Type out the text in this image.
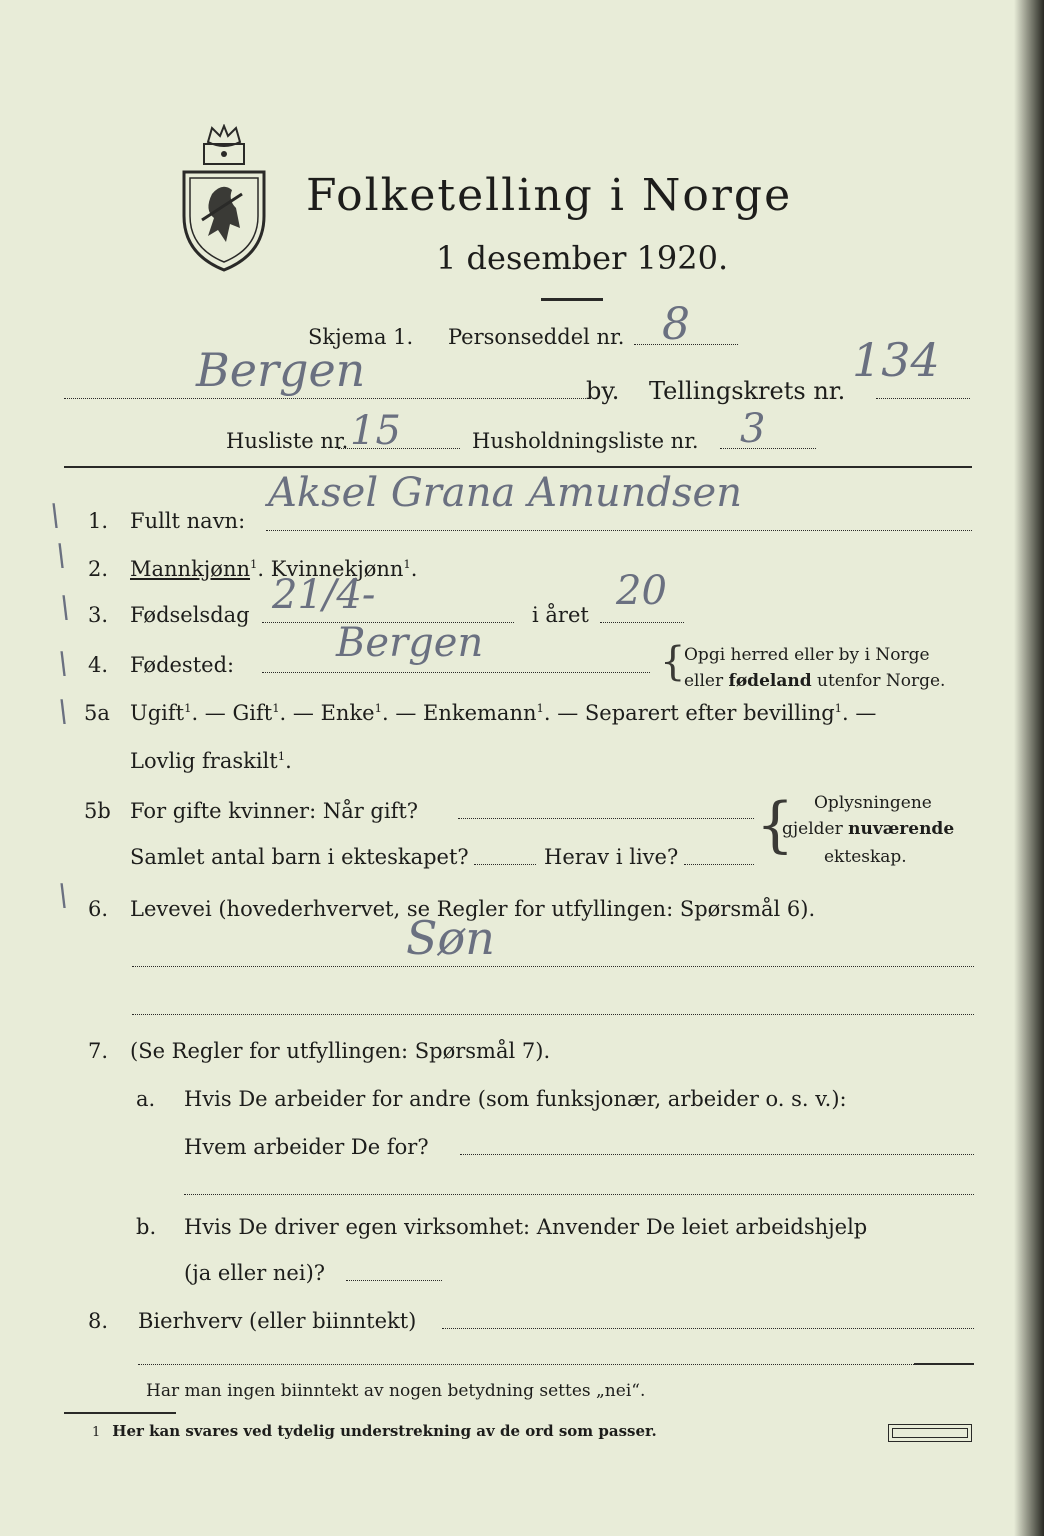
Folketelling i Norge
1 desember 1920.
Skjema 1. Personseddel nr. 8
Bergen	134
by. Tellingskrets nr.
Husliste nr. 15	Husholdningsliste nr. 3
\
\
\
\
\
\
1. Fullt navn:
Aksel Grana Amundsen
2. Mannkjønn$^1$. Kvinnekjønn$^1$.
3. Fødselsdag 21/4-	i året
20
4. Fødested:	Bergen	{
Opgi herred eller by i Norge
eller fødeland utenfor Norge.
5a Ugift$^1$. — Gift$^1$. — Enke$^1$. — Enkemann$^1$. — Separert efter bevilling$^1$. —
Lovlig fraskilt$^1$.
5b For gifte kvinner: Når gift?
Samlet antal barn i ekteskapet?	Herav i live? { Oplysningene
gjelder nuværende
ekteskap.
6. Levevei (hovederhvervet, se Regler for utfyllingen: Spørsmål 6).
Søn
7. (Se Regler for utfyllingen: Spørsmål 7).
a. Hvis De arbeider for andre (som funksjonær, arbeider o. s. v.):
Hvem arbeider De for?
b. Hvis De driver egen virksomhet: Anvender De leiet arbeidshjelp
(ja eller nei)?
8. Bierhverv (eller biinntekt)
Har man ingen biinntekt av nogen betydning settes „nei“.
1 Her kan svares ved tydelig understrekning av de ord som passer.
